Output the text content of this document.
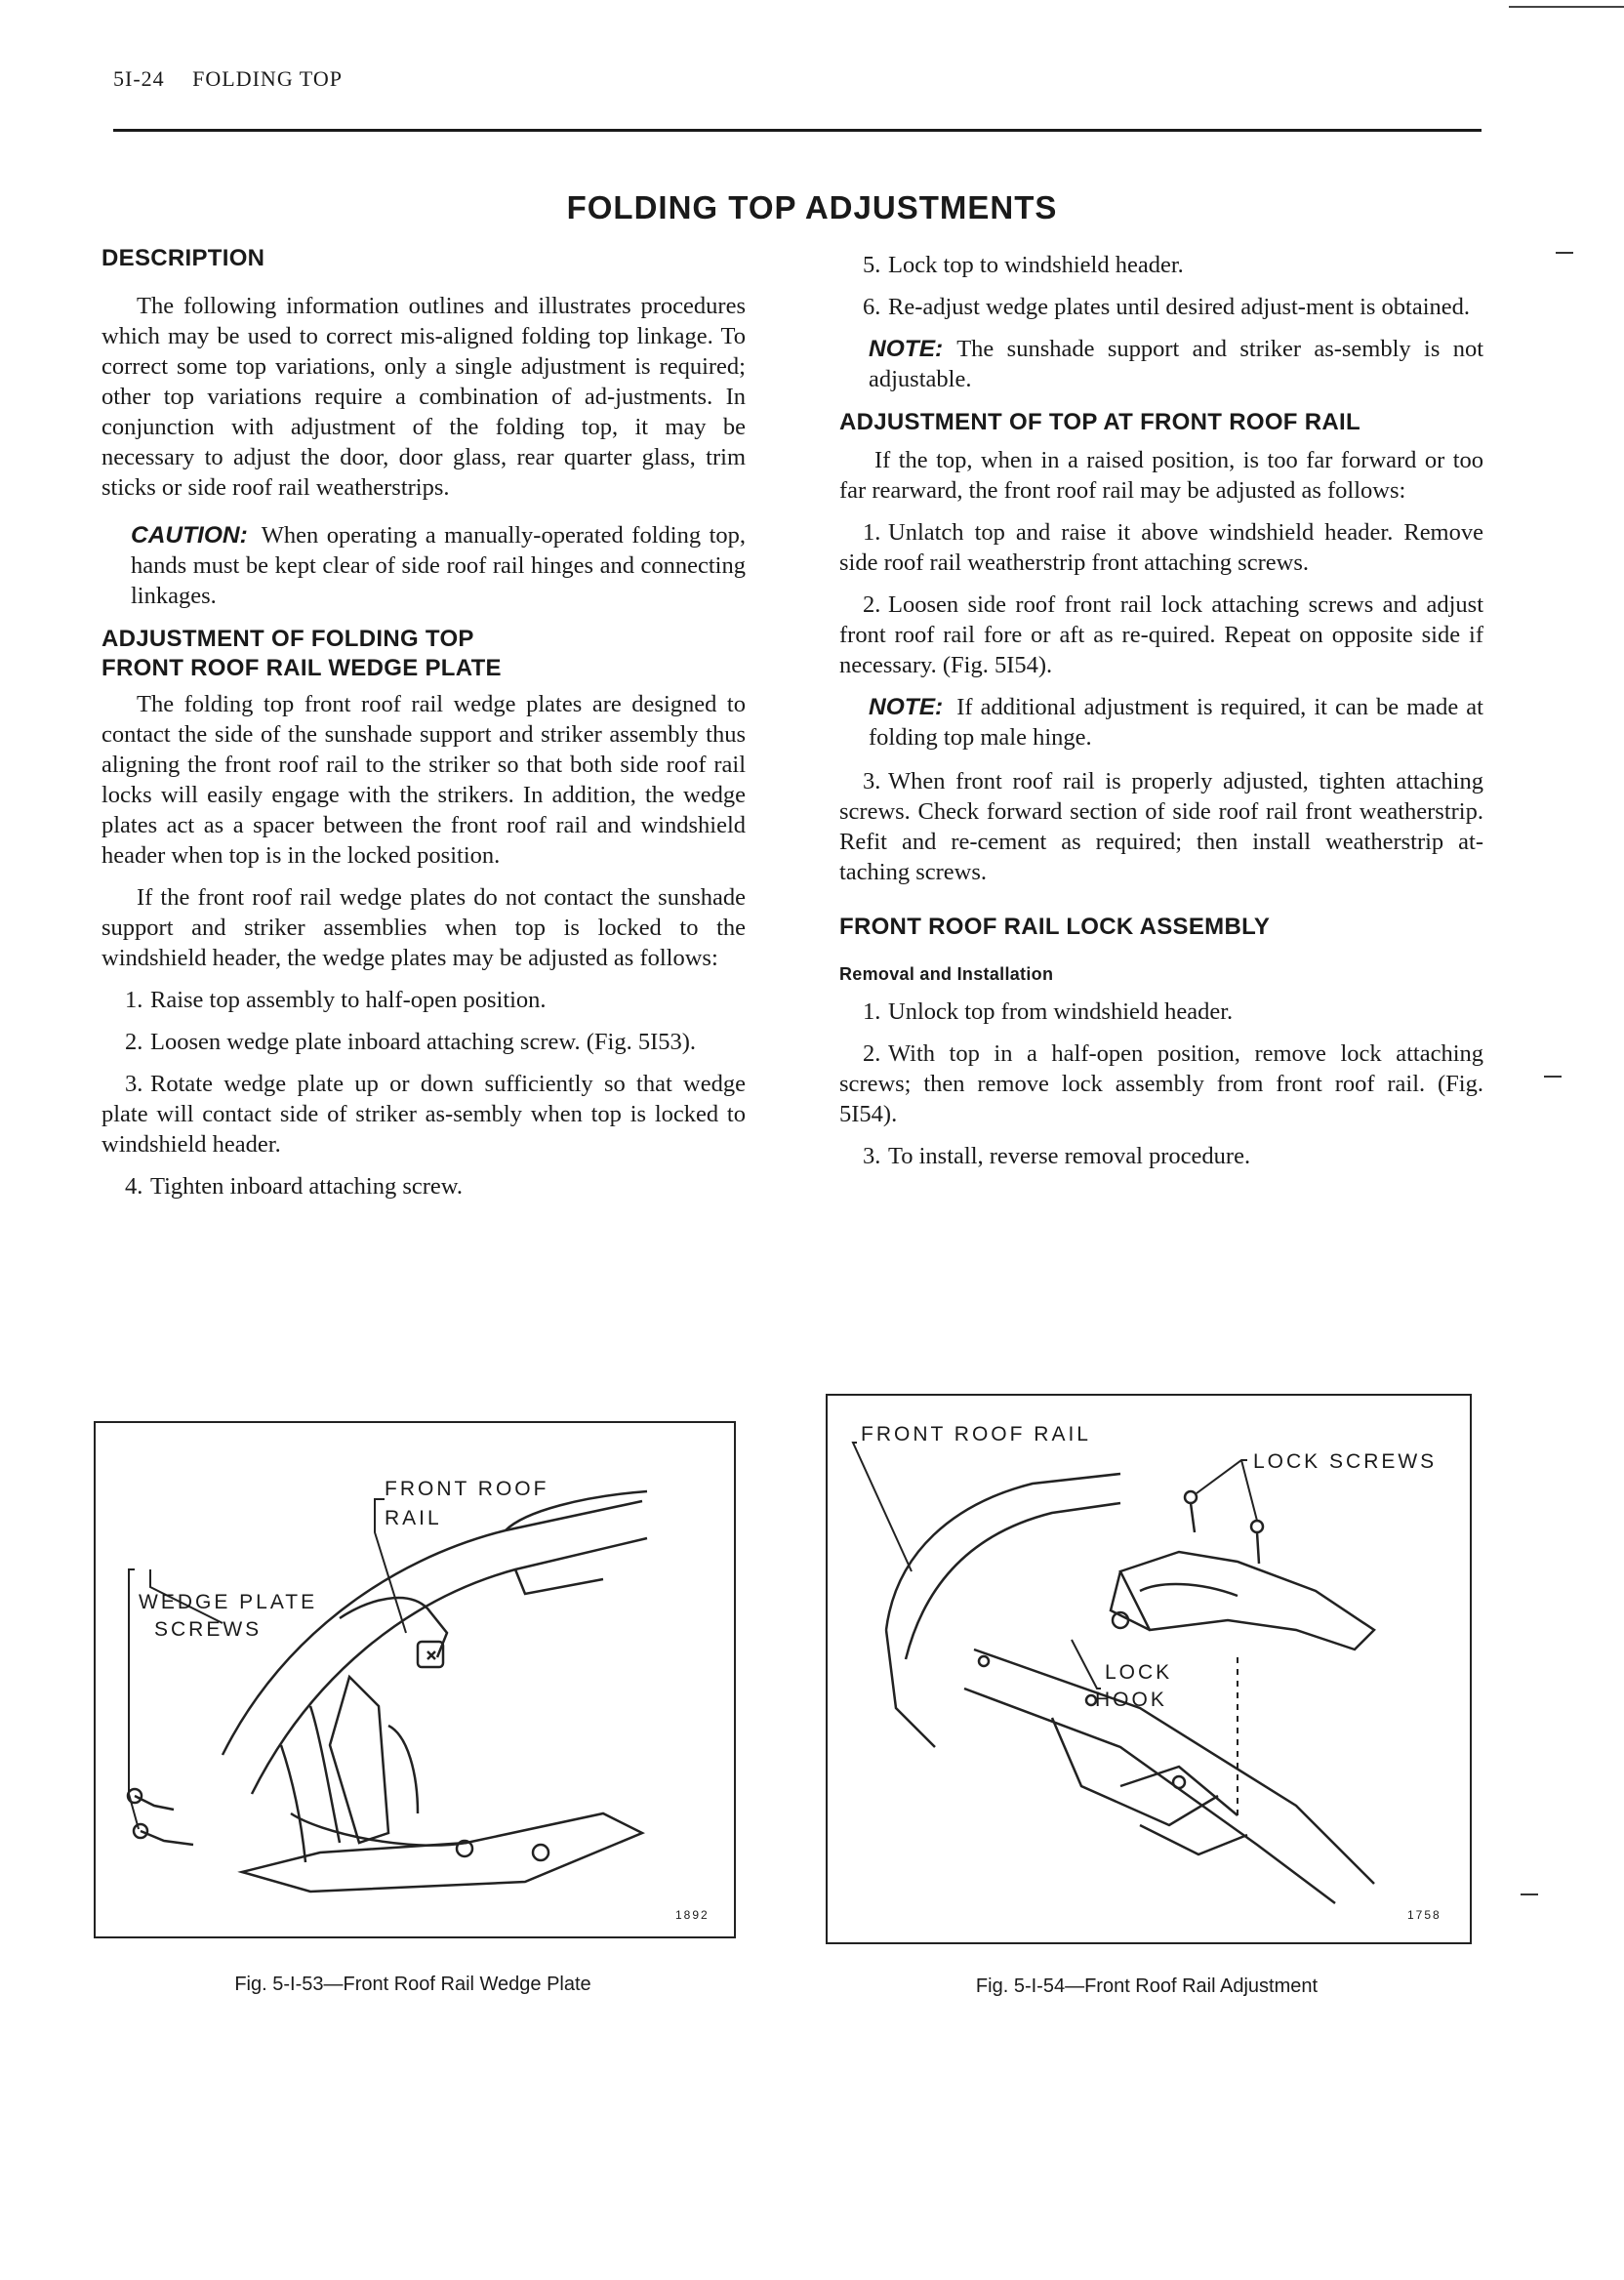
5I-24 FOLDING TOP
FOLDING TOP ADJUSTMENTS
DESCRIPTION

The following information outlines and illustrates procedures which may be used to correct mis-aligned folding top linkage. To correct some top variations, only a single adjustment is required; other top variations require a combination of ad-justments. In conjunction with adjustment of the folding top, it may be necessary to adjust the door, door glass, rear quarter glass, trim sticks or side roof rail weatherstrips.

CAUTION: When operating a manually-operated folding top, hands must be kept clear of side roof rail hinges and connecting linkages.
ADJUSTMENT OF FOLDING TOP
FRONT ROOF RAIL WEDGE PLATE

The folding top front roof rail wedge plates are designed to contact the side of the sunshade support and striker assembly thus aligning the front roof rail to the striker so that both side roof rail locks will easily engage with the strikers. In addition, the wedge plates act as a spacer between the front roof rail and windshield header when top is in the locked position.

If the front roof rail wedge plates do not contact the sunshade support and striker assemblies when top is locked to the windshield header, the wedge plates may be adjusted as follows:

1. Raise top assembly to half-open position.

2. Loosen wedge plate inboard attaching screw. (Fig. 5I53).

3. Rotate wedge plate up or down sufficiently so that wedge plate will contact side of striker as-sembly when top is locked to windshield header.

4. Tighten inboard attaching screw.

5. Lock top to windshield header.

6. Re-adjust wedge plates until desired adjust-ment is obtained.

NOTE: The sunshade support and striker as-sembly is not adjustable.
ADJUSTMENT OF TOP AT FRONT ROOF RAIL

If the top, when in a raised position, is too far forward or too far rearward, the front roof rail may be adjusted as follows:

1. Unlatch top and raise it above windshield header. Remove side roof rail weatherstrip front attaching screws.

2. Loosen side roof front rail lock attaching screws and adjust front roof rail fore or aft as re-quired. Repeat on opposite side if necessary. (Fig. 5I54).

NOTE: If additional adjustment is required, it can be made at folding top male hinge.

3. When front roof rail is properly adjusted, tighten attaching screws. Check forward section of side roof rail front weatherstrip. Refit and re-cement as required; then install weatherstrip at-taching screws.

FRONT ROOF RAIL LOCK ASSEMBLY
Removal and Installation

1. Unlock top from windshield header.

2. With top in a half-open position, remove lock attaching screws; then remove lock assembly from front roof rail. (Fig. 5I54).

3. To install, reverse removal procedure.

FRONT ROOF
RAIL
WEDGE PLATE
SCREWS
1892
Fig. 5-I-53—Front Roof Rail Wedge Plate
FRONT ROOF RAIL
LOCK SCREWS
LOCK
HOOK
1758
Fig. 5-I-54—Front Roof Rail Adjustment
